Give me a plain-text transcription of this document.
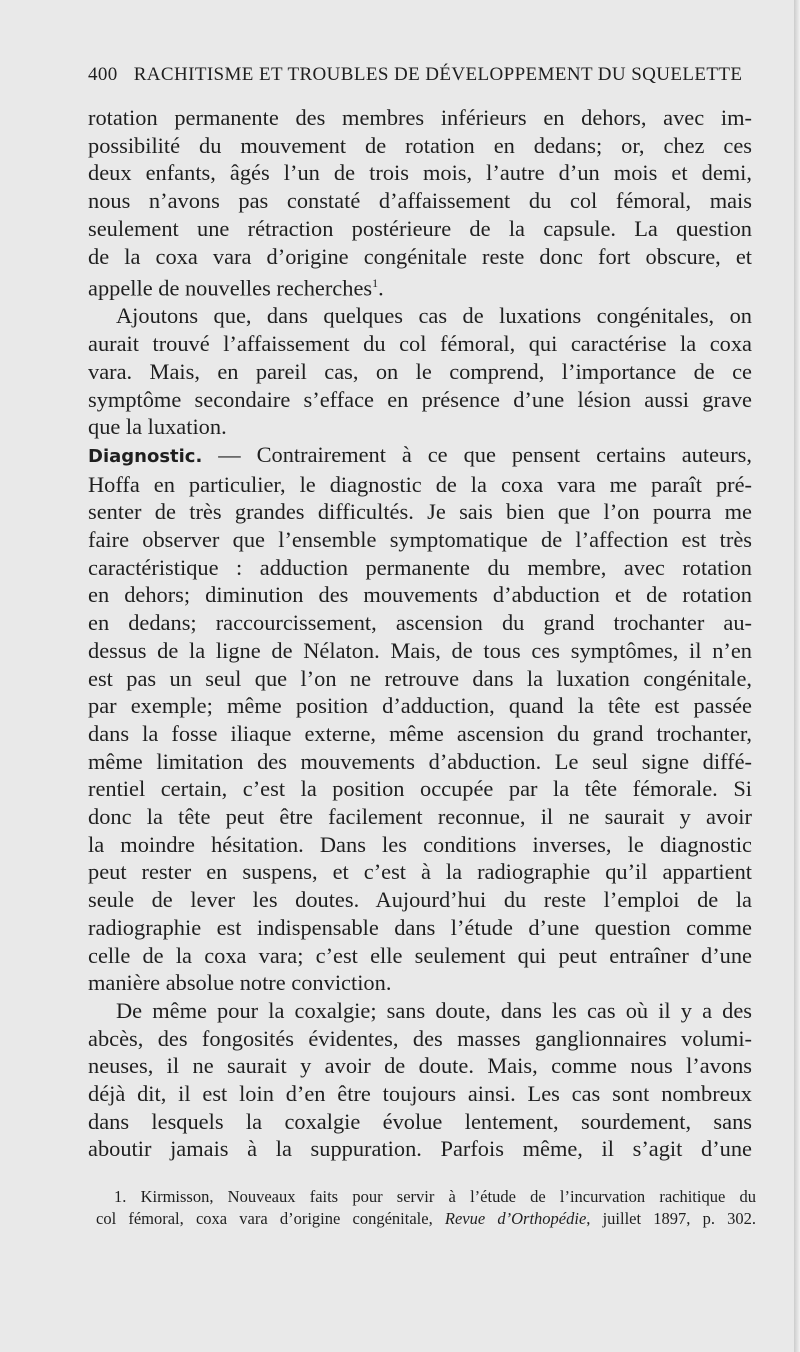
400 RACHITISME ET TROUBLES DE DÉVELOPPEMENT DU SQUELETTE
rotation permanente des membres inférieurs en dehors, avec im-
possibilité du mouvement de rotation en dedans; or, chez ces
deux enfants, âgés l’un de trois mois, l’autre d’un mois et demi,
nous n’avons pas constaté d’affaissement du col fémoral, mais
seulement une rétraction postérieure de la capsule. La question
de la coxa vara d’origine congénitale reste donc fort obscure, et
appelle de nouvelles recherches$^1$.
Ajoutons que, dans quelques cas de luxations congénitales, on
aurait trouvé l’affaissement du col fémoral, qui caractérise la coxa
vara. Mais, en pareil cas, on le comprend, l’importance de ce
symptôme secondaire s’efface en présence d’une lésion aussi grave
que la luxation.
Diagnostic. — Contrairement à ce que pensent certains auteurs,
Hoffa en particulier, le diagnostic de la coxa vara me paraît pré-
senter de très grandes difficultés. Je sais bien que l’on pourra me
faire observer que l’ensemble symptomatique de l’affection est très
caractéristique : adduction permanente du membre, avec rotation
en dehors; diminution des mouvements d’abduction et de rotation
en dedans; raccourcissement, ascension du grand trochanter au-
dessus de la ligne de Nélaton. Mais, de tous ces symptômes, il n’en
est pas un seul que l’on ne retrouve dans la luxation congénitale,
par exemple; même position d’adduction, quand la tête est passée
dans la fosse iliaque externe, même ascension du grand trochanter,
même limitation des mouvements d’abduction. Le seul signe diffé-
rentiel certain, c’est la position occupée par la tête fémorale. Si
donc la tête peut être facilement reconnue, il ne saurait y avoir
la moindre hésitation. Dans les conditions inverses, le diagnostic
peut rester en suspens, et c’est à la radiographie qu’il appartient
seule de lever les doutes. Aujourd’hui du reste l’emploi de la
radiographie est indispensable dans l’étude d’une question comme
celle de la coxa vara; c’est elle seulement qui peut entraîner d’une
manière absolue notre conviction.
De même pour la coxalgie; sans doute, dans les cas où il y a des
abcès, des fongosités évidentes, des masses ganglionnaires volumi-
neuses, il ne saurait y avoir de doute. Mais, comme nous l’avons
déjà dit, il est loin d’en être toujours ainsi. Les cas sont nombreux
dans lesquels la coxalgie évolue lentement, sourdement, sans
aboutir jamais à la suppuration. Parfois même, il s’agit d’une
1. Kirmisson, Nouveaux faits pour servir à l’étude de l’incurvation rachitique du
col fémoral, coxa vara d’origine congénitale, Revue d’Orthopédie, juillet 1897, p. 302.
